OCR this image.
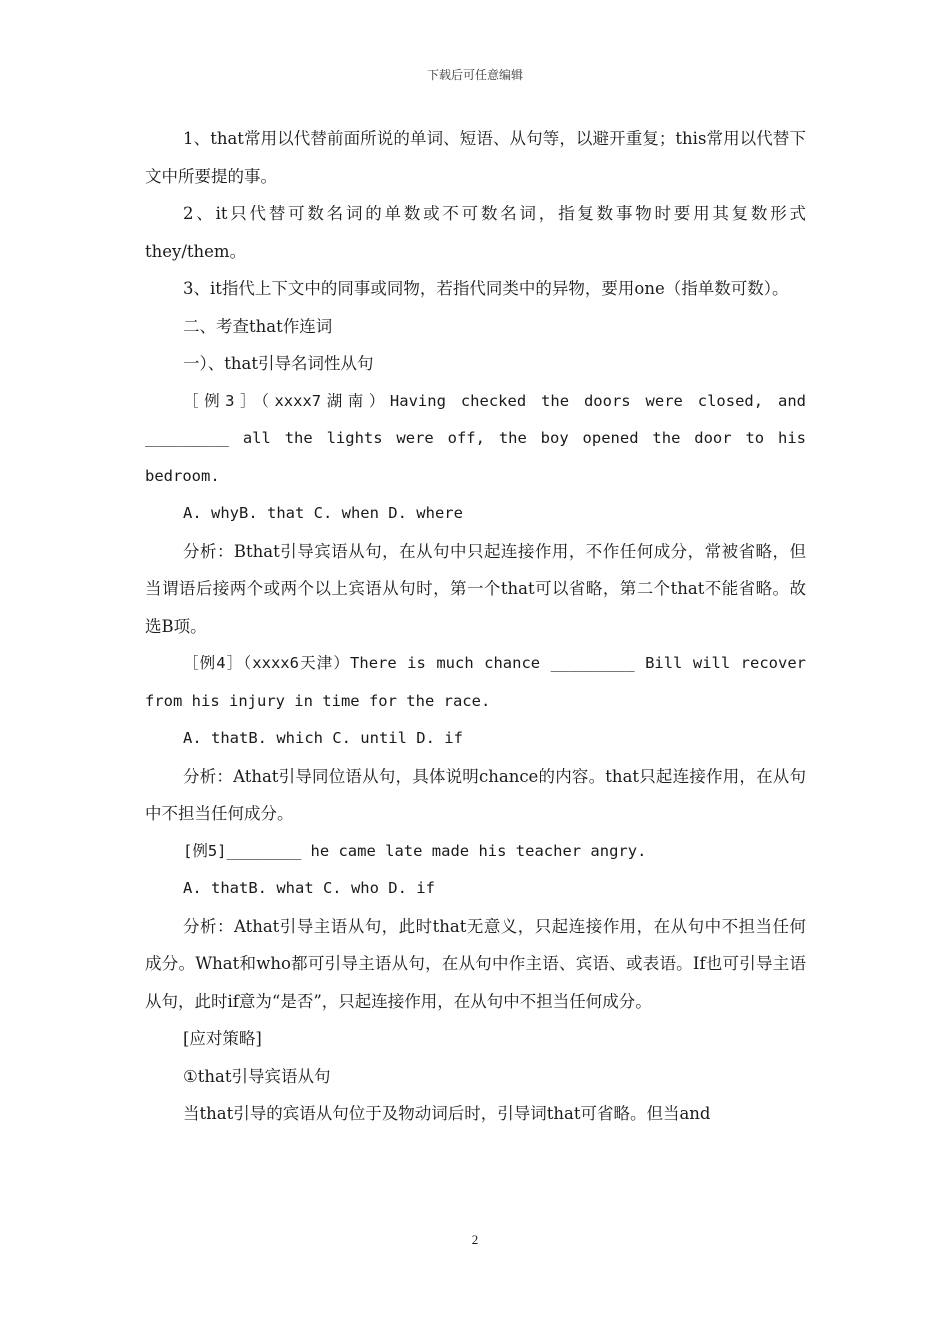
下载后可任意编辑

1、that常用以代替前面所说的单词、短语、从句等，以避开重复；this常用以代替下文中所要提的事。

2、it只代替可数名词的单数或不可数名词，指复数事物时要用其复数形式they/them。

3、it指代上下文中的同事或同物，若指代同类中的异物，要用one（指单数可数）。

二、考查that作连词

一）、that引导名词性从句

［例3］（xxxx7湖南）Having checked the doors were closed, and _________ all the lights were off, the boy opened the door to his bedroom.

A. whyB. that C. when D. where

分析：Bthat引导宾语从句，在从句中只起连接作用，不作任何成分，常被省略，但当谓语后接两个或两个以上宾语从句时，第一个that可以省略，第二个that不能省略。故选B项。

［例4］（xxxx6天津）There is much chance _________ Bill will recover from his injury in time for the race.

A. thatB. which C. until D. if

分析：Athat引导同位语从句，具体说明chance的内容。that只起连接作用，在从句中不担当任何成分。

[例5]________ he came late made his teacher angry.

A. thatB. what C. who D. if

分析：Athat引导主语从句，此时that无意义，只起连接作用，在从句中不担当任何成分。What和who都可引导主语从句，在从句中作主语、宾语、或表语。If也可引导主语从句，此时if意为“是否”，只起连接作用，在从句中不担当任何成分。

[应对策略]

①that引导宾语从句

当that引导的宾语从句位于及物动词后时，引导词that可省略。但当and

2
